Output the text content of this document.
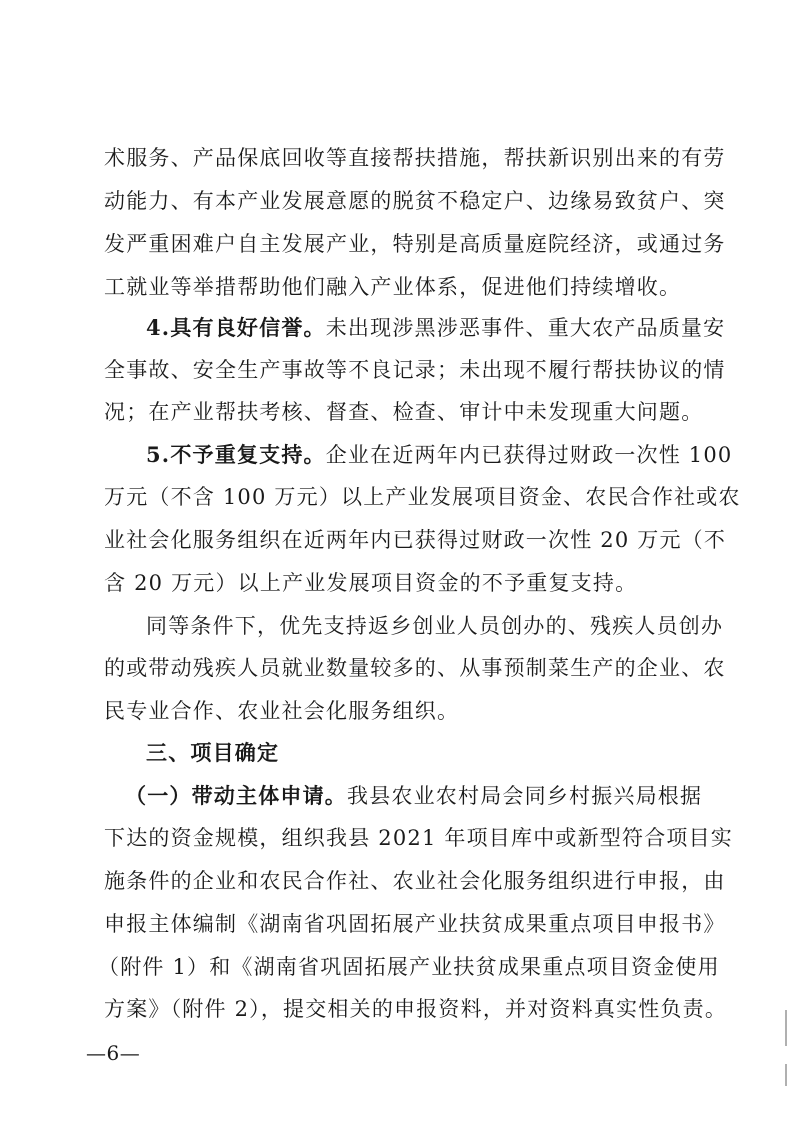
术服务、产品保底回收等直接帮扶措施，帮扶新识别出来的有劳
动能力、有本产业发展意愿的脱贫不稳定户、边缘易致贫户、突
发严重困难户自主发展产业，特别是高质量庭院经济，或通过务
工就业等举措帮助他们融入产业体系，促进他们持续增收。
4.具有良好信誉。未出现涉黑涉恶事件、重大农产品质量安
全事故、安全生产事故等不良记录；未出现不履行帮扶协议的情
况；在产业帮扶考核、督查、检查、审计中未发现重大问题。
5.不予重复支持。企业在近两年内已获得过财政一次性 100
万元（不含 100 万元）以上产业发展项目资金、农民合作社或农
业社会化服务组织在近两年内已获得过财政一次性 20 万元（不
含 20 万元）以上产业发展项目资金的不予重复支持。
同等条件下，优先支持返乡创业人员创办的、残疾人员创办
的或带动残疾人员就业数量较多的、从事预制菜生产的企业、农
民专业合作、农业社会化服务组织。
三、项目确定
（一）带动主体申请。我县农业农村局会同乡村振兴局根据
下达的资金规模，组织我县 2021 年项目库中或新型符合项目实
施条件的企业和农民合作社、农业社会化服务组织进行申报，由
申报主体编制《湖南省巩固拓展产业扶贫成果重点项目申报书》
（附件 1）和《湖南省巩固拓展产业扶贫成果重点项目资金使用
方案》（附件 2），提交相关的申报资料，并对资料真实性负责。
—6—
